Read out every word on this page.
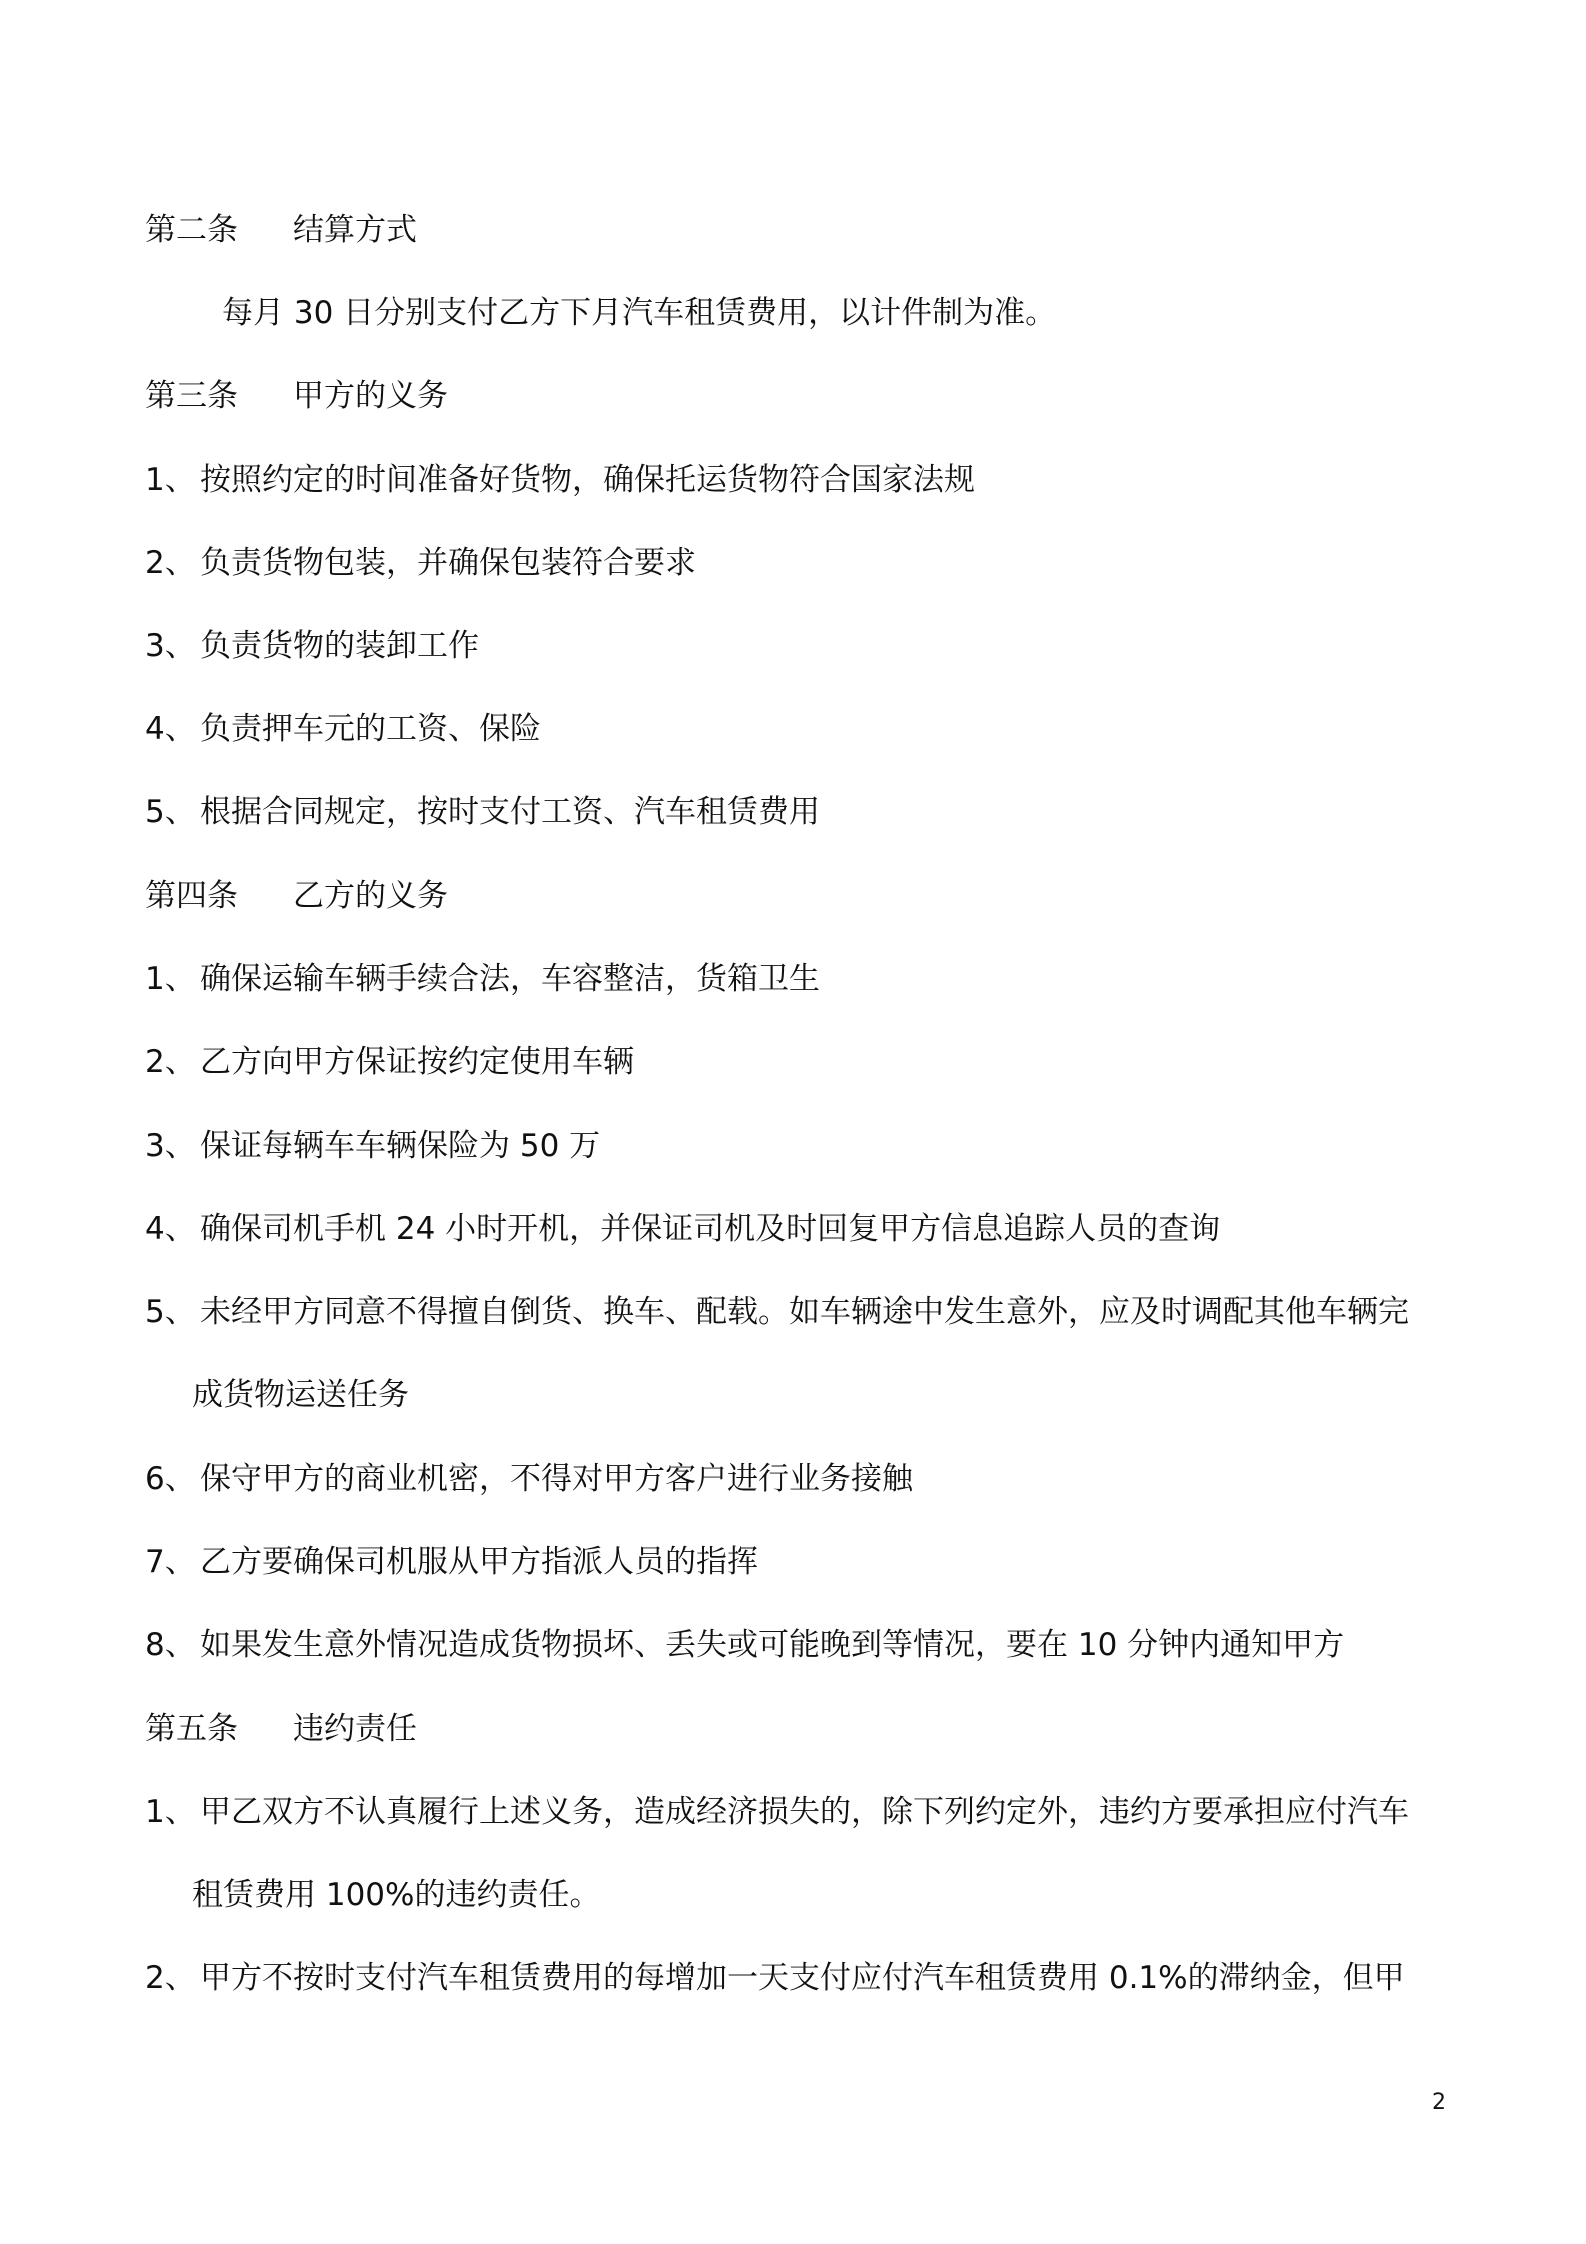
第二条 结算方式
每月 30 日分别支付乙方下月汽车租赁费用，以计件制为准。
第三条 甲方的义务
1、 按照约定的时间准备好货物，确保托运货物符合国家法规
2、 负责货物包装，并确保包装符合要求
3、 负责货物的装卸工作
4、 负责押车元的工资、保险
5、 根据合同规定，按时支付工资、汽车租赁费用
第四条 乙方的义务
1、 确保运输车辆手续合法，车容整洁，货箱卫生
2、 乙方向甲方保证按约定使用车辆
3、 保证每辆车车辆保险为 50 万
4、 确保司机手机 24 小时开机，并保证司机及时回复甲方信息追踪人员的查询
5、 未经甲方同意不得擅自倒货、换车、配载。如车辆途中发生意外，应及时调配其他车辆完
成货物运送任务
6、 保守甲方的商业机密，不得对甲方客户进行业务接触
7、 乙方要确保司机服从甲方指派人员的指挥
8、 如果发生意外情况造成货物损坏、丢失或可能晚到等情况，要在 10 分钟内通知甲方
第五条 违约责任
1、 甲乙双方不认真履行上述义务，造成经济损失的，除下列约定外，违约方要承担应付汽车
租赁费用 100%的违约责任。
2、 甲方不按时支付汽车租赁费用的每增加一天支付应付汽车租赁费用 0.1%的滞纳金，但甲
2
